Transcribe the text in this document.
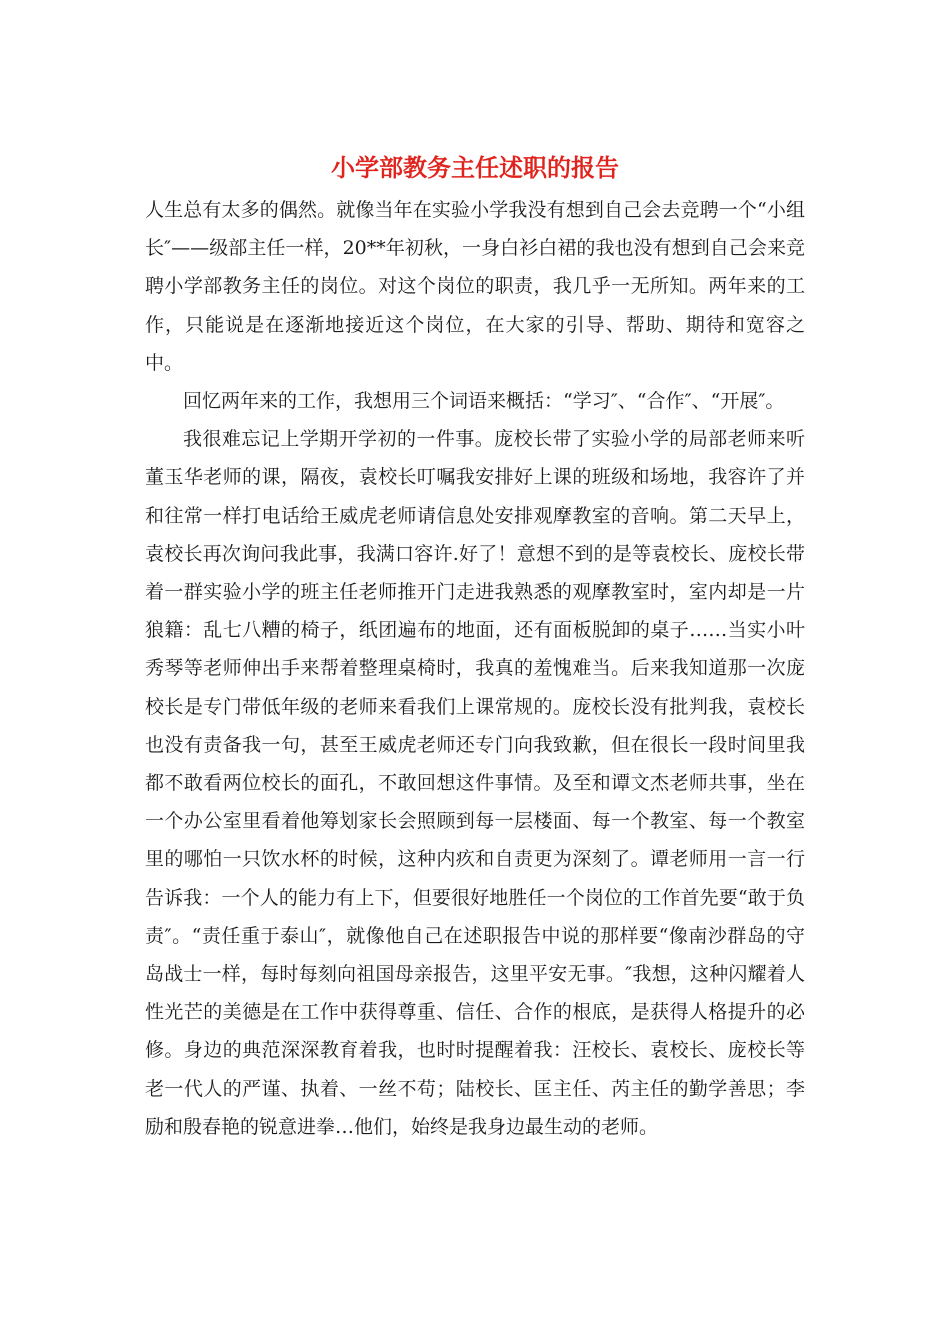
小学部教务主任述职的报告

人生总有太多的偶然。就像当年在实验小学我没有想到自己会去竞聘一个“小组长″——级部主任一样，20**年初秋，一身白衫白裙的我也没有想到自己会来竞聘小学部教务主任的岗位。对这个岗位的职责，我几乎一无所知。两年来的工作，只能说是在逐渐地接近这个岗位，在大家的引导、帮助、期待和宽容之中。

回忆两年来的工作，我想用三个词语来概括：“学习″、“合作″、“开展″。

我很难忘记上学期开学初的一件事。庞校长带了实验小学的局部老师来听董玉华老师的课，隔夜，袁校长叮嘱我安排好上课的班级和场地，我容许了并和往常一样打电话给王威虎老师请信息处安排观摩教室的音响。第二天早上，袁校长再次询问我此事，我满口容许.好了！意想不到的是等袁校长、庞校长带着一群实验小学的班主任老师推开门走进我熟悉的观摩教室时，室内却是一片狼籍：乱七八糟的椅子，纸团遍布的地面，还有面板脱卸的桌子……当实小叶秀琴等老师伸出手来帮着整理桌椅时，我真的羞愧难当。后来我知道那一次庞校长是专门带低年级的老师来看我们上课常规的。庞校长没有批判我，袁校长也没有责备我一句，甚至王威虎老师还专门向我致歉，但在很长一段时间里我都不敢看两位校长的面孔，不敢回想这件事情。及至和谭文杰老师共事，坐在一个办公室里看着他筹划家长会照顾到每一层楼面、每一个教室、每一个教室里的哪怕一只饮水杯的时候，这种内疚和自责更为深刻了。谭老师用一言一行告诉我：一个人的能力有上下，但要很好地胜任一个岗位的工作首先要“敢于负责″。“责任重于泰山″，就像他自己在述职报告中说的那样要“像南沙群岛的守岛战士一样，每时每刻向祖国母亲报告，这里平安无事。″我想，这种闪耀着人性光芒的美德是在工作中获得尊重、信任、合作的根底，是获得人格提升的必修。身边的典范深深教育着我，也时时提醒着我：汪校长、袁校长、庞校长等老一代人的严谨、执着、一丝不苟；陆校长、匡主任、芮主任的勤学善思；李励和殷春艳的锐意进拳…他们，始终是我身边最生动的老师。
